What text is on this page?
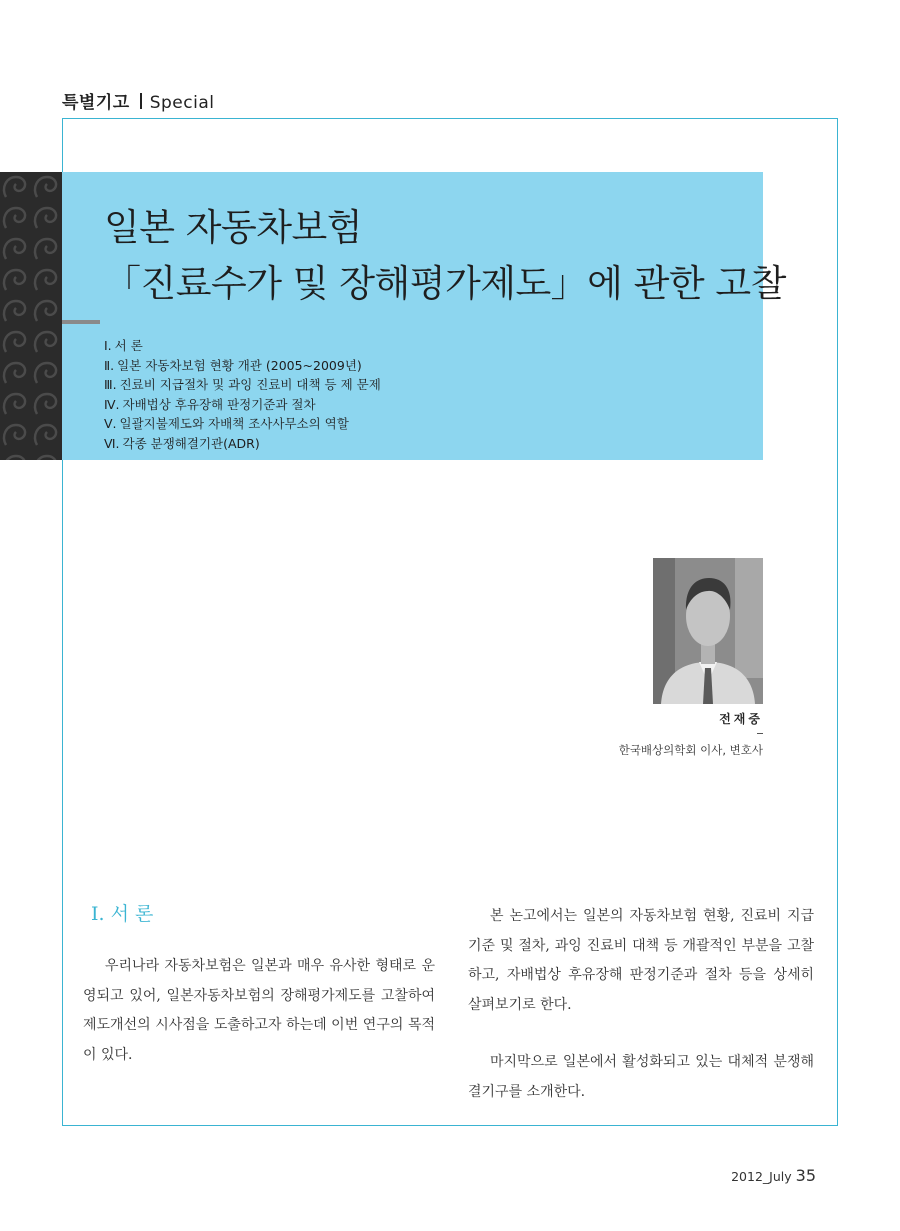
특별기고 Special
일본 자동차보험
「진료수가 및 장해평가제도」에 관한 고찰
Ⅰ. 서 론
Ⅱ. 일본 자동차보험 현황 개관 (2005~2009년)
Ⅲ. 진료비 지급절차 및 과잉 진료비 대책 등 제 문제
Ⅳ. 자배법상 후유장해 판정기준과 절차
Ⅴ. 일괄지불제도와 자배책 조사사무소의 역할
Ⅵ. 각종 분쟁해결기관(ADR)
전재중
한국배상의학회 이사, 변호사
Ⅰ. 서 론

우리나라 자동차보험은 일본과 매우 유사한 형태로 운영되고 있어, 일본자동차보험의 장해평가제도를 고찰하여 제도개선의 시사점을 도출하고자 하는데 이번 연구의 목적이 있다.

본 논고에서는 일본의 자동차보험 현황, 진료비 지급기준 및 절차, 과잉 진료비 대책 등 개괄적인 부분을 고찰하고, 자배법상 후유장해 판정기준과 절차 등을 상세히 살펴보기로 한다.

마지막으로 일본에서 활성화되고 있는 대체적 분쟁해결기구를 소개한다.

2012_July 35
